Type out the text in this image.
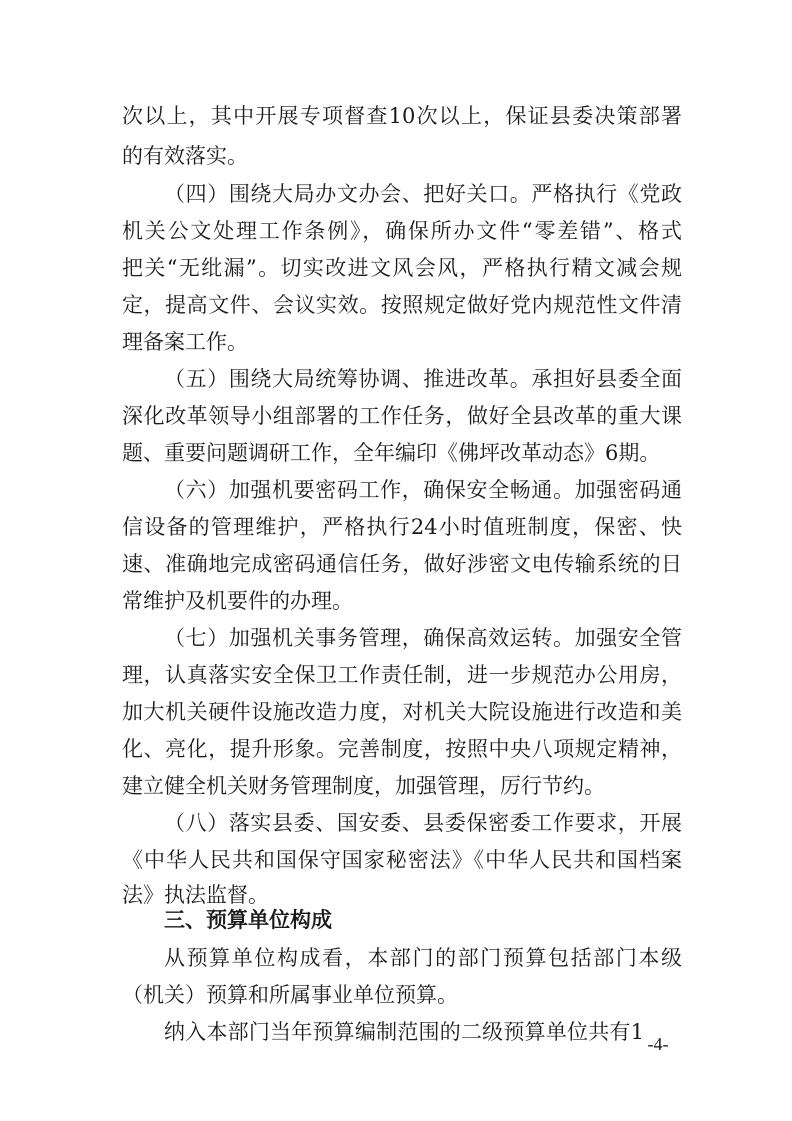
次以上，其中开展专项督查10次以上，保证县委决策部署
的有效落实。
（四）围绕大局办文办会、把好关口。严格执行《党政
机关公文处理工作条例》，确保所办文件“零差错”、格式
把关“无纰漏”。切实改进文风会风，严格执行精文减会规
定，提高文件、会议实效。按照规定做好党内规范性文件清
理备案工作。
（五）围绕大局统筹协调、推进改革。承担好县委全面
深化改革领导小组部署的工作任务，做好全县改革的重大课
题、重要问题调研工作，全年编印《佛坪改革动态》6期。
（六）加强机要密码工作，确保安全畅通。加强密码通
信设备的管理维护，严格执行24小时值班制度，保密、快
速、准确地完成密码通信任务，做好涉密文电传输系统的日
常维护及机要件的办理。
（七）加强机关事务管理，确保高效运转。加强安全管
理，认真落实安全保卫工作责任制，进一步规范办公用房，
加大机关硬件设施改造力度，对机关大院设施进行改造和美
化、亮化，提升形象。完善制度，按照中央八项规定精神，
建立健全机关财务管理制度，加强管理，厉行节约。
（八）落实县委、国安委、县委保密委工作要求，开展
《中华人民共和国保守国家秘密法》《中华人民共和国档案
法》执法监督。
三、预算单位构成
从预算单位构成看，本部门的部门预算包括部门本级
（机关）预算和所属事业单位预算。
纳入本部门当年预算编制范围的二级预算单位共有1 -4-
